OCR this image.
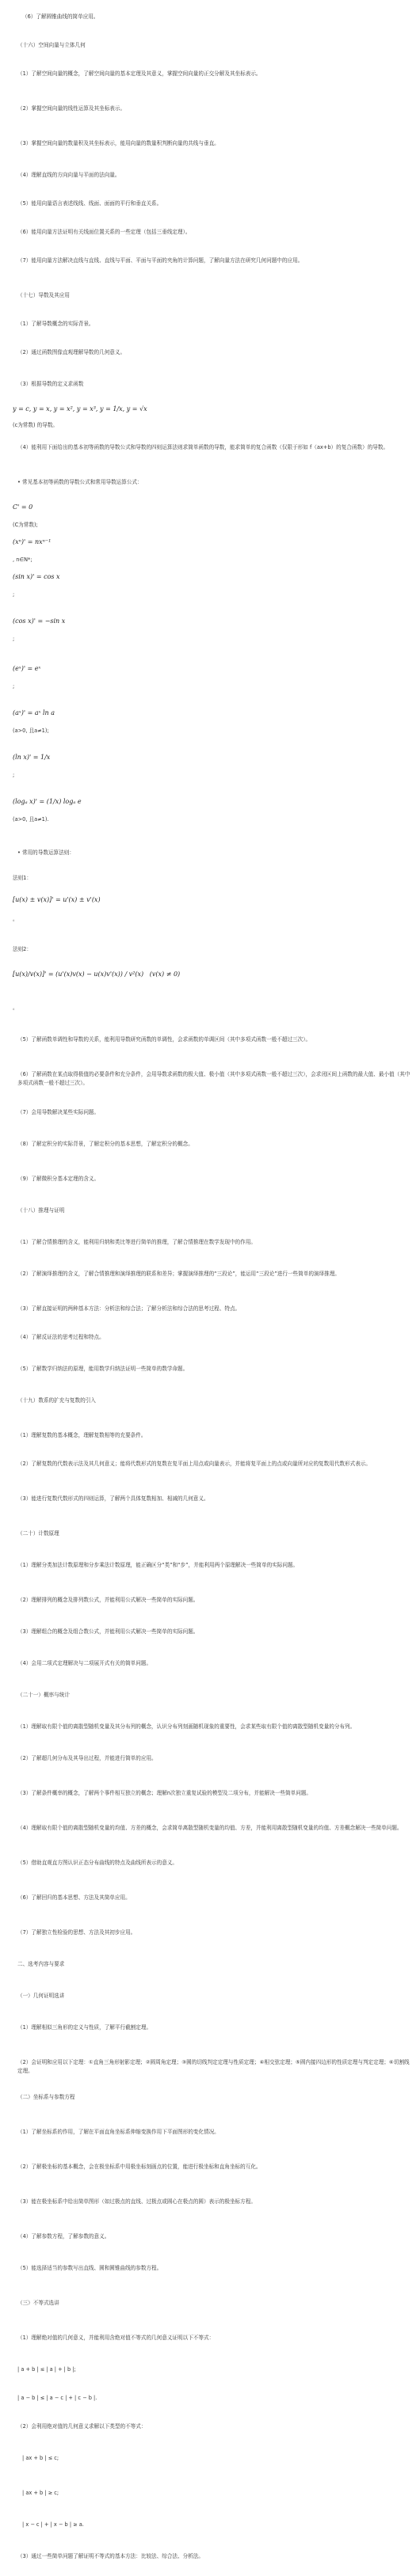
（6）了解圆锥曲线的简单应用。
（十六）空间向量与立体几何
（1）了解空间向量的概念，了解空间向量的基本定理及其意义，掌握空间向量的正交分解及其坐标表示。
（2）掌握空间向量的线性运算及其坐标表示。
（3）掌握空间向量的数量积及其坐标表示，能用向量的数量积判断向量的共线与垂直。
（4）理解直线的方向向量与平面的法向量。
（5）能用向量语言表述线线、线面、面面的平行和垂直关系。
（6）能用向量方法证明有关线面位置关系的一些定理（包括三垂线定理）。
（7）能用向量方法解决直线与直线、直线与平面、平面与平面的夹角的计算问题，了解向量方法在研究几何问题中的应用。
（十七）导数及其应用
（1）了解导数概念的实际背景。
（2）通过函数图像直观理解导数的几何意义。
（3）根据导数的定义求函数
y = c, y = x, y = x², y = x³, y = 1/x, y = √x
(c为常数) 的导数。
（4）能利用下面给出的基本初等函数的导数公式和导数的四则运算法则求简单函数的导数，能求简单的复合函数（仅限于形如 f（ax+b）的复合函数）的导数。
• 常见基本初等函数的导数公式和常用导数运算公式：
C' = 0
(C为常数);
(xⁿ)' = nxⁿ⁻¹
, n∈N*;
(sin x)' = cos x
;
(cos x)' = −sin x
;
(eˣ)' = eˣ
;
(aˣ)' = aˣ ln a
(a>0, 且a≠1);
(ln x)' = 1/x
;
(logₐ x)' = (1/x) logₐ e
(a>0, 且a≠1).
• 常用的导数运算法则：
法则1：
[u(x) ± v(x)]' = u'(x) ± v'(x)
。
法则2：
[u(x)/v(x)]' = (u'(x)v(x) − u(x)v'(x)) / v²(x)   (v(x) ≠ 0)
。
（5）了解函数单调性和导数的关系，能利用导数研究函数的单调性，会求函数的单调区间（其中多项式函数一般不超过三次）。
（6）了解函数在某点取得极值的必要条件和充分条件，会用导数求函数的极大值、极小值（其中多项式函数一般不超过三次），会求闭区间上函数的最大值、最小值（其中多项式函数一般不超过三次）。
（7）会用导数解决某些实际问题。
（8）了解定积分的实际背景，了解定积分的基本思想，了解定积分的概念。
（9）了解微积分基本定理的含义。
（十八）推理与证明
（1）了解合情推理的含义，能利用归纳和类比等进行简单的推理，了解合情推理在数学发现中的作用。
（2）了解演绎推理的含义，了解合情推理和演绎推理的联系和差异；掌握演绎推理的“三段论”，能运用“三段论”进行一些简单的演绎推理。
（3）了解直接证明的两种基本方法：分析法和综合法；了解分析法和综合法的思考过程、特点。
（4）了解反证法的思考过程和特点。
（5）了解数学归纳法的原理，能用数学归纳法证明一些简单的数学命题。
（十九）数系的扩充与复数的引入
（1）理解复数的基本概念，理解复数相等的充要条件。
（2）了解复数的代数表示法及其几何意义；能将代数形式的复数在复平面上用点或向量表示，并能将复平面上的点或向量所对应的复数用代数形式表示。
（3）能进行复数代数形式的四则运算，了解两个具体复数相加、相减的几何意义。
（二十）计数原理
（1）理解分类加法计数原理和分步乘法计数原理，能正确区分“类”和“步”，并能利用两个原理解决一些简单的实际问题。
（2）理解排列的概念及排列数公式，并能利用公式解决一些简单的实际问题。
（3）理解组合的概念及组合数公式，并能利用公式解决一些简单的实际问题。
（4）会用二项式定理解决与二项展开式有关的简单问题。
（二十一）概率与统计
（1）理解取有限个值的离散型随机变量及其分布列的概念，认识分布列刻画随机现象的重要性，会求某些取有限个值的离散型随机变量的分布列。
（2）了解超几何分布及其导出过程，并能进行简单的应用。
（3）了解条件概率的概念，了解两个事件相互独立的概念；理解n次独立重复试验的模型及二项分布，并能解决一些简单问题。
（4）理解取有限个值的离散型随机变量的均值、方差的概念，会求简单离散型随机变量的均值、方差，并能利用离散型随机变量的均值、方差概念解决一些简单问题。
（5）借助直观直方图认识正态分布曲线的特点及曲线所表示的意义。
（6）了解回归的基本思想、方法及其简单应用。
（7）了解独立性检验的思想、方法及其初步应用。
二、选考内容与要求
（一）几何证明选讲
（1）理解相似三角形的定义与性质，了解平行截割定理。
（2）会证明和应用以下定理：①直角三角形射影定理；②圆周角定理；③圆的切线判定定理与性质定理；④相交弦定理；⑤圆内接四边形的性质定理与判定定理；⑥切割线定理。
（二）坐标系与参数方程
（1）了解坐标系的作用，了解在平面直角坐标系伸缩变换作用下平面图形的变化情况。
（2）了解极坐标的基本概念，会在极坐标系中用极坐标刻画点的位置，能进行极坐标和直角坐标的互化。
（3）能在极坐标系中给出简单图形（如过极点的直线、过极点或圆心在极点的圆）表示的极坐标方程。
（4）了解参数方程，了解参数的意义。
（5）能选择适当的参数写出直线、圆和圆锥曲线的参数方程。
（三）不等式选讲
（1）理解绝对值的几何意义，并能利用含绝对值不等式的几何意义证明以下不等式：
| a + b | ≤ | a | + | b |;
| a − b | ≤ | a − c | + | c − b |.
（2）会利用绝对值的几何意义求解以下类型的不等式：
| ax + b | ≤ c;
| ax + b | ≥ c;
| x − c | + | x − b | ≥ a.
（3）通过一些简单问题了解证明不等式的基本方法：比较法、综合法、分析法。
